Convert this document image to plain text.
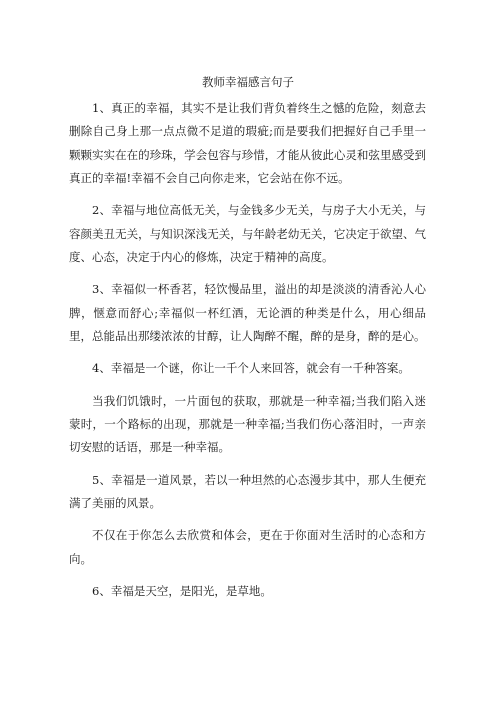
教师幸福感言句子

1、真正的幸福，其实不是让我们背负着终生之憾的危险，刻意去删除自己身上那一点点微不足道的瑕疵;而是要我们把握好自己手里一颗颗实实在在的珍珠，学会包容与珍惜，才能从彼此心灵和弦里感受到真正的幸福!幸福不会自己向你走来，它会站在你不远。

2、幸福与地位高低无关，与金钱多少无关，与房子大小无关，与容颜美丑无关，与知识深浅无关，与年龄老幼无关，它决定于欲望、气度、心态，决定于内心的修炼，决定于精神的高度。

3、幸福似一杯香茗，轻饮慢品里，溢出的却是淡淡的清香沁人心脾，惬意而舒心;幸福似一杯红酒，无论酒的种类是什么，用心细品里，总能品出那缕浓浓的甘醇，让人陶醉不醒，醉的是身，醉的是心。

4、幸福是一个谜，你让一千个人来回答，就会有一千种答案。

当我们饥饿时，一片面包的获取，那就是一种幸福;当我们陷入迷蒙时，一个路标的出现，那就是一种幸福;当我们伤心落泪时，一声亲切安慰的话语，那是一种幸福。

5、幸福是一道风景，若以一种坦然的心态漫步其中，那人生便充满了美丽的风景。

不仅在于你怎么去欣赏和体会，更在于你面对生活时的心态和方向。

6、幸福是天空，是阳光，是草地。
